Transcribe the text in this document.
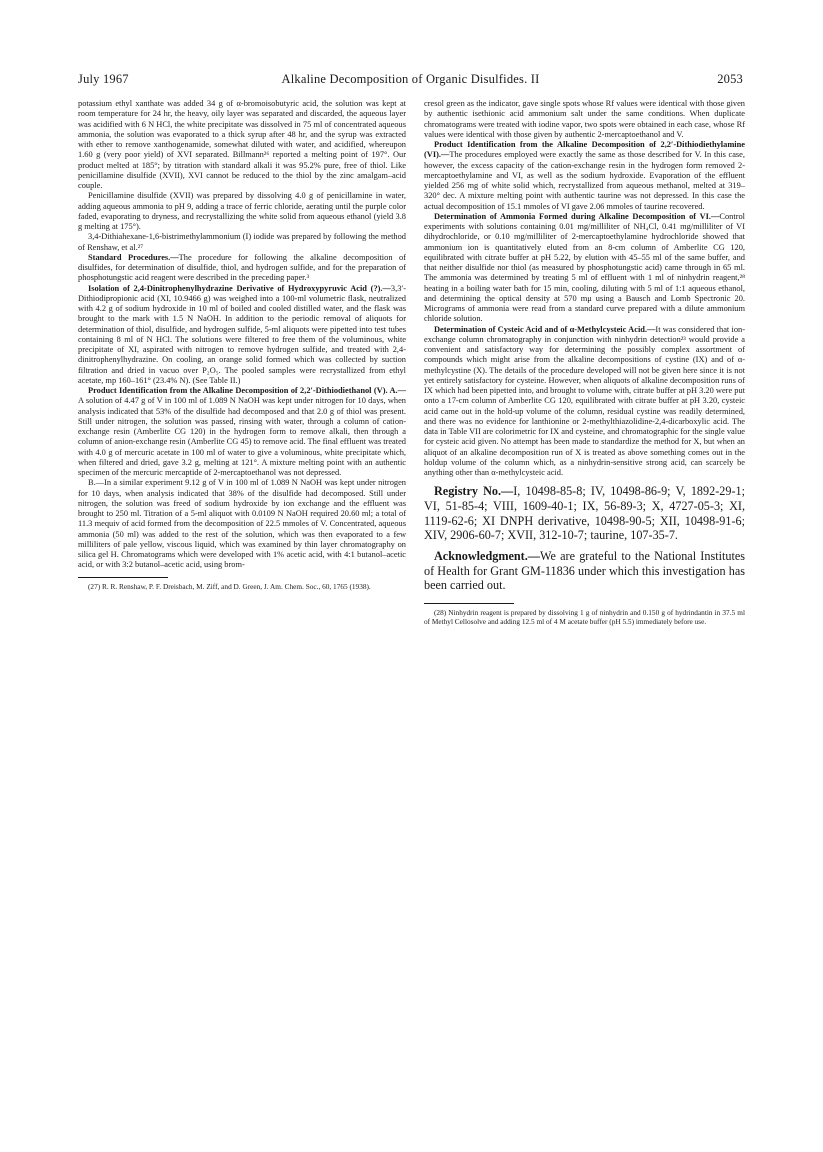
July 1967	Alkaline Decomposition of Organic Disulfides. II	2053

potassium ethyl xanthate was added 34 g of α-bromoisobutyric acid, the solution was kept at room temperature for 24 hr, the heavy, oily layer was separated and discarded, the aqueous layer was acidified with 6 N HCl, the white precipitate was dissolved in 75 ml of concentrated aqueous ammonia, the solution was evaporated to a thick syrup after 48 hr, and the syrup was extracted with ether to remove xanthogenamide, somewhat diluted with water, and acidified, whereupon 1.60 g (very poor yield) of XVI separated. Billmann²⁶ reported a melting point of 197°. Our product melted at 185°; by titration with standard alkali it was 95.2% pure, free of thiol. Like penicillamine disulfide (XVII), XVI cannot be reduced to the thiol by the zinc amalgam–acid couple.

Penicillamine disulfide (XVII) was prepared by dissolving 4.0 g of penicillamine in water, adding aqueous ammonia to pH 9, adding a trace of ferric chloride, aerating until the purple color faded, evaporating to dryness, and recrystallizing the white solid from aqueous ethanol (yield 3.8 g melting at 175°).

3,4-Dithiahexane-1,6-bistrimethylammonium (I) iodide was prepared by following the method of Renshaw, et al.²⁷

Standard Procedures.—The procedure for following the alkaline decomposition of disulfides, for determination of disulfide, thiol, and hydrogen sulfide, and for the preparation of phosphotungstic acid reagent were described in the preceding paper.³

Isolation of 2,4-Dinitrophenylhydrazine Derivative of Hydroxypyruvic Acid (?).—3,3′-Dithiodipropionic acid (XI, 10.9466 g) was weighed into a 100-ml volumetric flask, neutralized with 4.2 g of sodium hydroxide in 10 ml of boiled and cooled distilled water, and the flask was brought to the mark with 1.5 N NaOH. In addition to the periodic removal of aliquots for determination of thiol, disulfide, and hydrogen sulfide, 5-ml aliquots were pipetted into test tubes containing 8 ml of N HCl. The solutions were filtered to free them of the voluminous, white precipitate of XI, aspirated with nitrogen to remove hydrogen sulfide, and treated with 2,4-dinitrophenylhydrazine. On cooling, an orange solid formed which was collected by suction filtration and dried in vacuo over P₂O₅. The pooled samples were recrystallized from ethyl acetate, mp 160–161° (23.4% N). (See Table II.)

Product Identification from the Alkaline Decomposition of 2,2′-Dithiodiethanol (V). A.—A solution of 4.47 g of V in 100 ml of 1.089 N NaOH was kept under nitrogen for 10 days, when analysis indicated that 53% of the disulfide had decomposed and that 2.0 g of thiol was present. Still under nitrogen, the solution was passed, rinsing with water, through a column of cation-exchange resin (Amberlite CG 120) in the hydrogen form to remove alkali, then through a column of anion-exchange resin (Amberlite CG 45) to remove acid. The final effluent was treated with 4.0 g of mercuric acetate in 100 ml of water to give a voluminous, white precipitate which, when filtered and dried, gave 3.2 g, melting at 121°. A mixture melting point with an authentic specimen of the mercuric mercaptide of 2-mercaptoethanol was not depressed.

B.—In a similar experiment 9.12 g of V in 100 ml of 1.089 N NaOH was kept under nitrogen for 10 days, when analysis indicated that 38% of the disulfide had decomposed. Still under nitrogen, the solution was freed of sodium hydroxide by ion exchange and the effluent was brought to 250 ml. Titration of a 5-ml aliquot with 0.0109 N NaOH required 20.60 ml; a total of 11.3 mequiv of acid formed from the decomposition of 22.5 mmoles of V. Concentrated, aqueous ammonia (50 ml) was added to the rest of the solution, which was then evaporated to a few milliliters of pale yellow, viscous liquid, which was examined by thin layer chromatography on silica gel H. Chromatograms which were developed with 1% acetic acid, with 4:1 butanol–acetic acid, or with 3:2 butanol–acetic acid, using brom-

(27) R. R. Renshaw, P. F. Dreisbach, M. Ziff, and D. Green, J. Am. Chem. Soc., 60, 1765 (1938).

cresol green as the indicator, gave single spots whose Rf values were identical with those given by authentic isethionic acid ammonium salt under the same conditions. When duplicate chromatograms were treated with iodine vapor, two spots were obtained in each case, whose Rf values were identical with those given by authentic 2-mercaptoethanol and V.

Product Identification from the Alkaline Decomposition of 2,2′-Dithiodiethylamine (VI).—The procedures employed were exactly the same as those described for V. In this case, however, the excess capacity of the cation-exchange resin in the hydrogen form removed 2-mercaptoethylamine and VI, as well as the sodium hydroxide. Evaporation of the effluent yielded 256 mg of white solid which, recrystallized from aqueous methanol, melted at 319–320° dec. A mixture melting point with authentic taurine was not depressed. In this case the actual decomposition of 15.1 mmoles of VI gave 2.06 mmoles of taurine recovered.

Determination of Ammonia Formed during Alkaline Decomposition of VI.—Control experiments with solutions containing 0.01 mg/milliliter of NH₄Cl, 0.41 mg/milliliter of VI dihydrochloride, or 0.10 mg/milliliter of 2-mercaptoethylamine hydrochloride showed that ammonium ion is quantitatively eluted from an 8-cm column of Amberlite CG 120, equilibrated with citrate buffer at pH 5.22, by elution with 45–55 ml of the same buffer, and that neither disulfide nor thiol (as measured by phosphotungstic acid) came through in 65 ml. The ammonia was determined by treating 5 ml of effluent with 1 ml of ninhydrin reagent,²⁸ heating in a boiling water bath for 15 min, cooling, diluting with 5 ml of 1:1 aqueous ethanol, and determining the optical density at 570 mμ using a Bausch and Lomb Spectronic 20. Micrograms of ammonia were read from a standard curve prepared with a dilute ammonium chloride solution.

Determination of Cysteic Acid and of α-Methylcysteic Acid.—It was considered that ion-exchange column chromatography in conjunction with ninhydrin detection²³ would provide a convenient and satisfactory way for determining the possibly complex assortment of compounds which might arise from the alkaline decompositions of cystine (IX) and of α-methylcystine (X). The details of the procedure developed will not be given here since it is not yet entirely satisfactory for cysteine. However, when aliquots of alkaline decomposition runs of IX which had been pipetted into, and brought to volume with, citrate buffer at pH 3.20 were put onto a 17-cm column of Amberlite CG 120, equilibrated with citrate buffer at pH 3.20, cysteic acid came out in the hold-up volume of the column, residual cystine was readily determined, and there was no evidence for lanthionine or 2-methylthiazolidine-2,4-dicarboxylic acid. The data in Table VII are colorimetric for IX and cysteine, and chromatographic for the single value for cysteic acid given. No attempt has been made to standardize the method for X, but when an aliquot of an alkaline decomposition run of X is treated as above something comes out in the holdup volume of the column which, as a ninhydrin-sensitive strong acid, can scarcely be anything other than α-methylcysteic acid.

Registry No.—I, 10498-85-8; IV, 10498-86-9; V, 1892-29-1; VI, 51-85-4; VIII, 1609-40-1; IX, 56-89-3; X, 4727-05-3; XI, 1119-62-6; XI DNPH derivative, 10498-90-5; XII, 10498-91-6; XIV, 2906-60-7; XVII, 312-10-7; taurine, 107-35-7.

Acknowledgment.—We are grateful to the National Institutes of Health for Grant GM-11836 under which this investigation has been carried out.

(28) Ninhydrin reagent is prepared by dissolving 1 g of ninhydrin and 0.150 g of hydrindantin in 37.5 ml of Methyl Cellosolve and adding 12.5 ml of 4 M acetate buffer (pH 5.5) immediately before use.
